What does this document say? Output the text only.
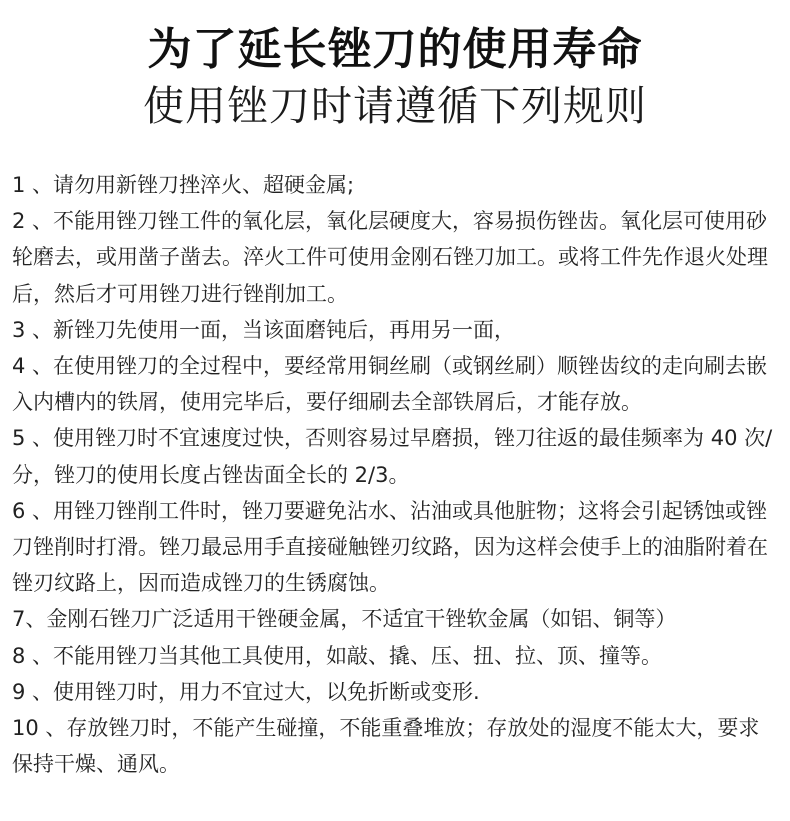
为了延长锉刀的使用寿命
使用锉刀时请遵循下列规则
1 、请勿用新锉刀挫淬火、超硬金属;
2 、不能用锉刀锉工件的氧化层，氧化层硬度大，容易损伤锉齿。氧化层可使用砂轮磨去，或用凿子凿去。淬火工件可使用金刚石锉刀加工。或将工件先作退火处理后，然后才可用锉刀进行锉削加工。
3 、新锉刀先使用一面，当该面磨钝后，再用另一面，
4 、在使用锉刀的全过程中，要经常用铜丝刷（或钢丝刷）顺锉齿纹的走向刷去嵌入内槽内的铁屑，使用完毕后，要仔细刷去全部铁屑后，才能存放。
5 、使用锉刀时不宜速度过快，否则容易过早磨损，锉刀往返的最佳频率为 40 次/分，锉刀的使用长度占锉齿面全长的 2/3。
6 、用锉刀锉削工件时，锉刀要避免沾水、沾油或具他脏物；这将会引起锈蚀或锉刀锉削时打滑。锉刀最忌用手直接碰触锉刃纹路，因为这样会使手上的油脂附着在锉刃纹路上，因而造成锉刀的生锈腐蚀。
7、金刚石锉刀广泛适用干锉硬金属，不适宜干锉软金属（如铝、铜等）
8 、不能用锉刀当其他工具使用，如敲、撬、压、扭、拉、顶、撞等。
9 、使用锉刀时，用力不宜过大，以免折断或变形.
10 、存放锉刀时，不能产生碰撞，不能重叠堆放；存放处的湿度不能太大，要求保持干燥、通风。
